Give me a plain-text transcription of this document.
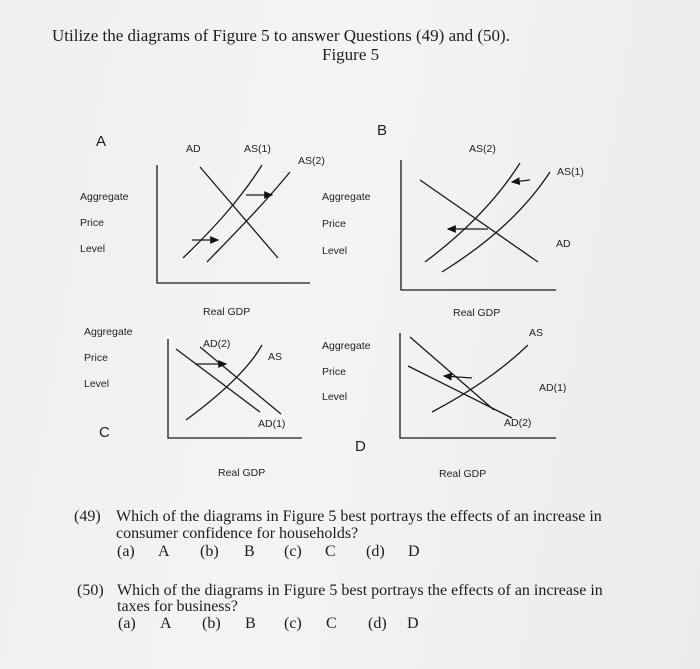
Utilize the diagrams of Figure 5 to answer Questions (49) and (50).
Figure 5
A	AD	AS(1)
AS(2)
Aggregate
Price
Level
Real GDP
B
AS(2)
AS(1)
AD
Aggregate
Price
Level
Real GDP
Aggregate
Price
Level
C
AD(2)
AS
AD(1)
Real GDP
Aggregate
Price
Level
D
AS
AD(1)
AD(2)
Real GDP
(49) Which of the diagrams in Figure 5 best portrays the effects of an increase in
consumer confidence for households?
(a) A (b) B (c) C (d) D
(50) Which of the diagrams in Figure 5 best portrays the effects of an increase in
taxes for business?
(a) A (b) B (c) C (d) D
